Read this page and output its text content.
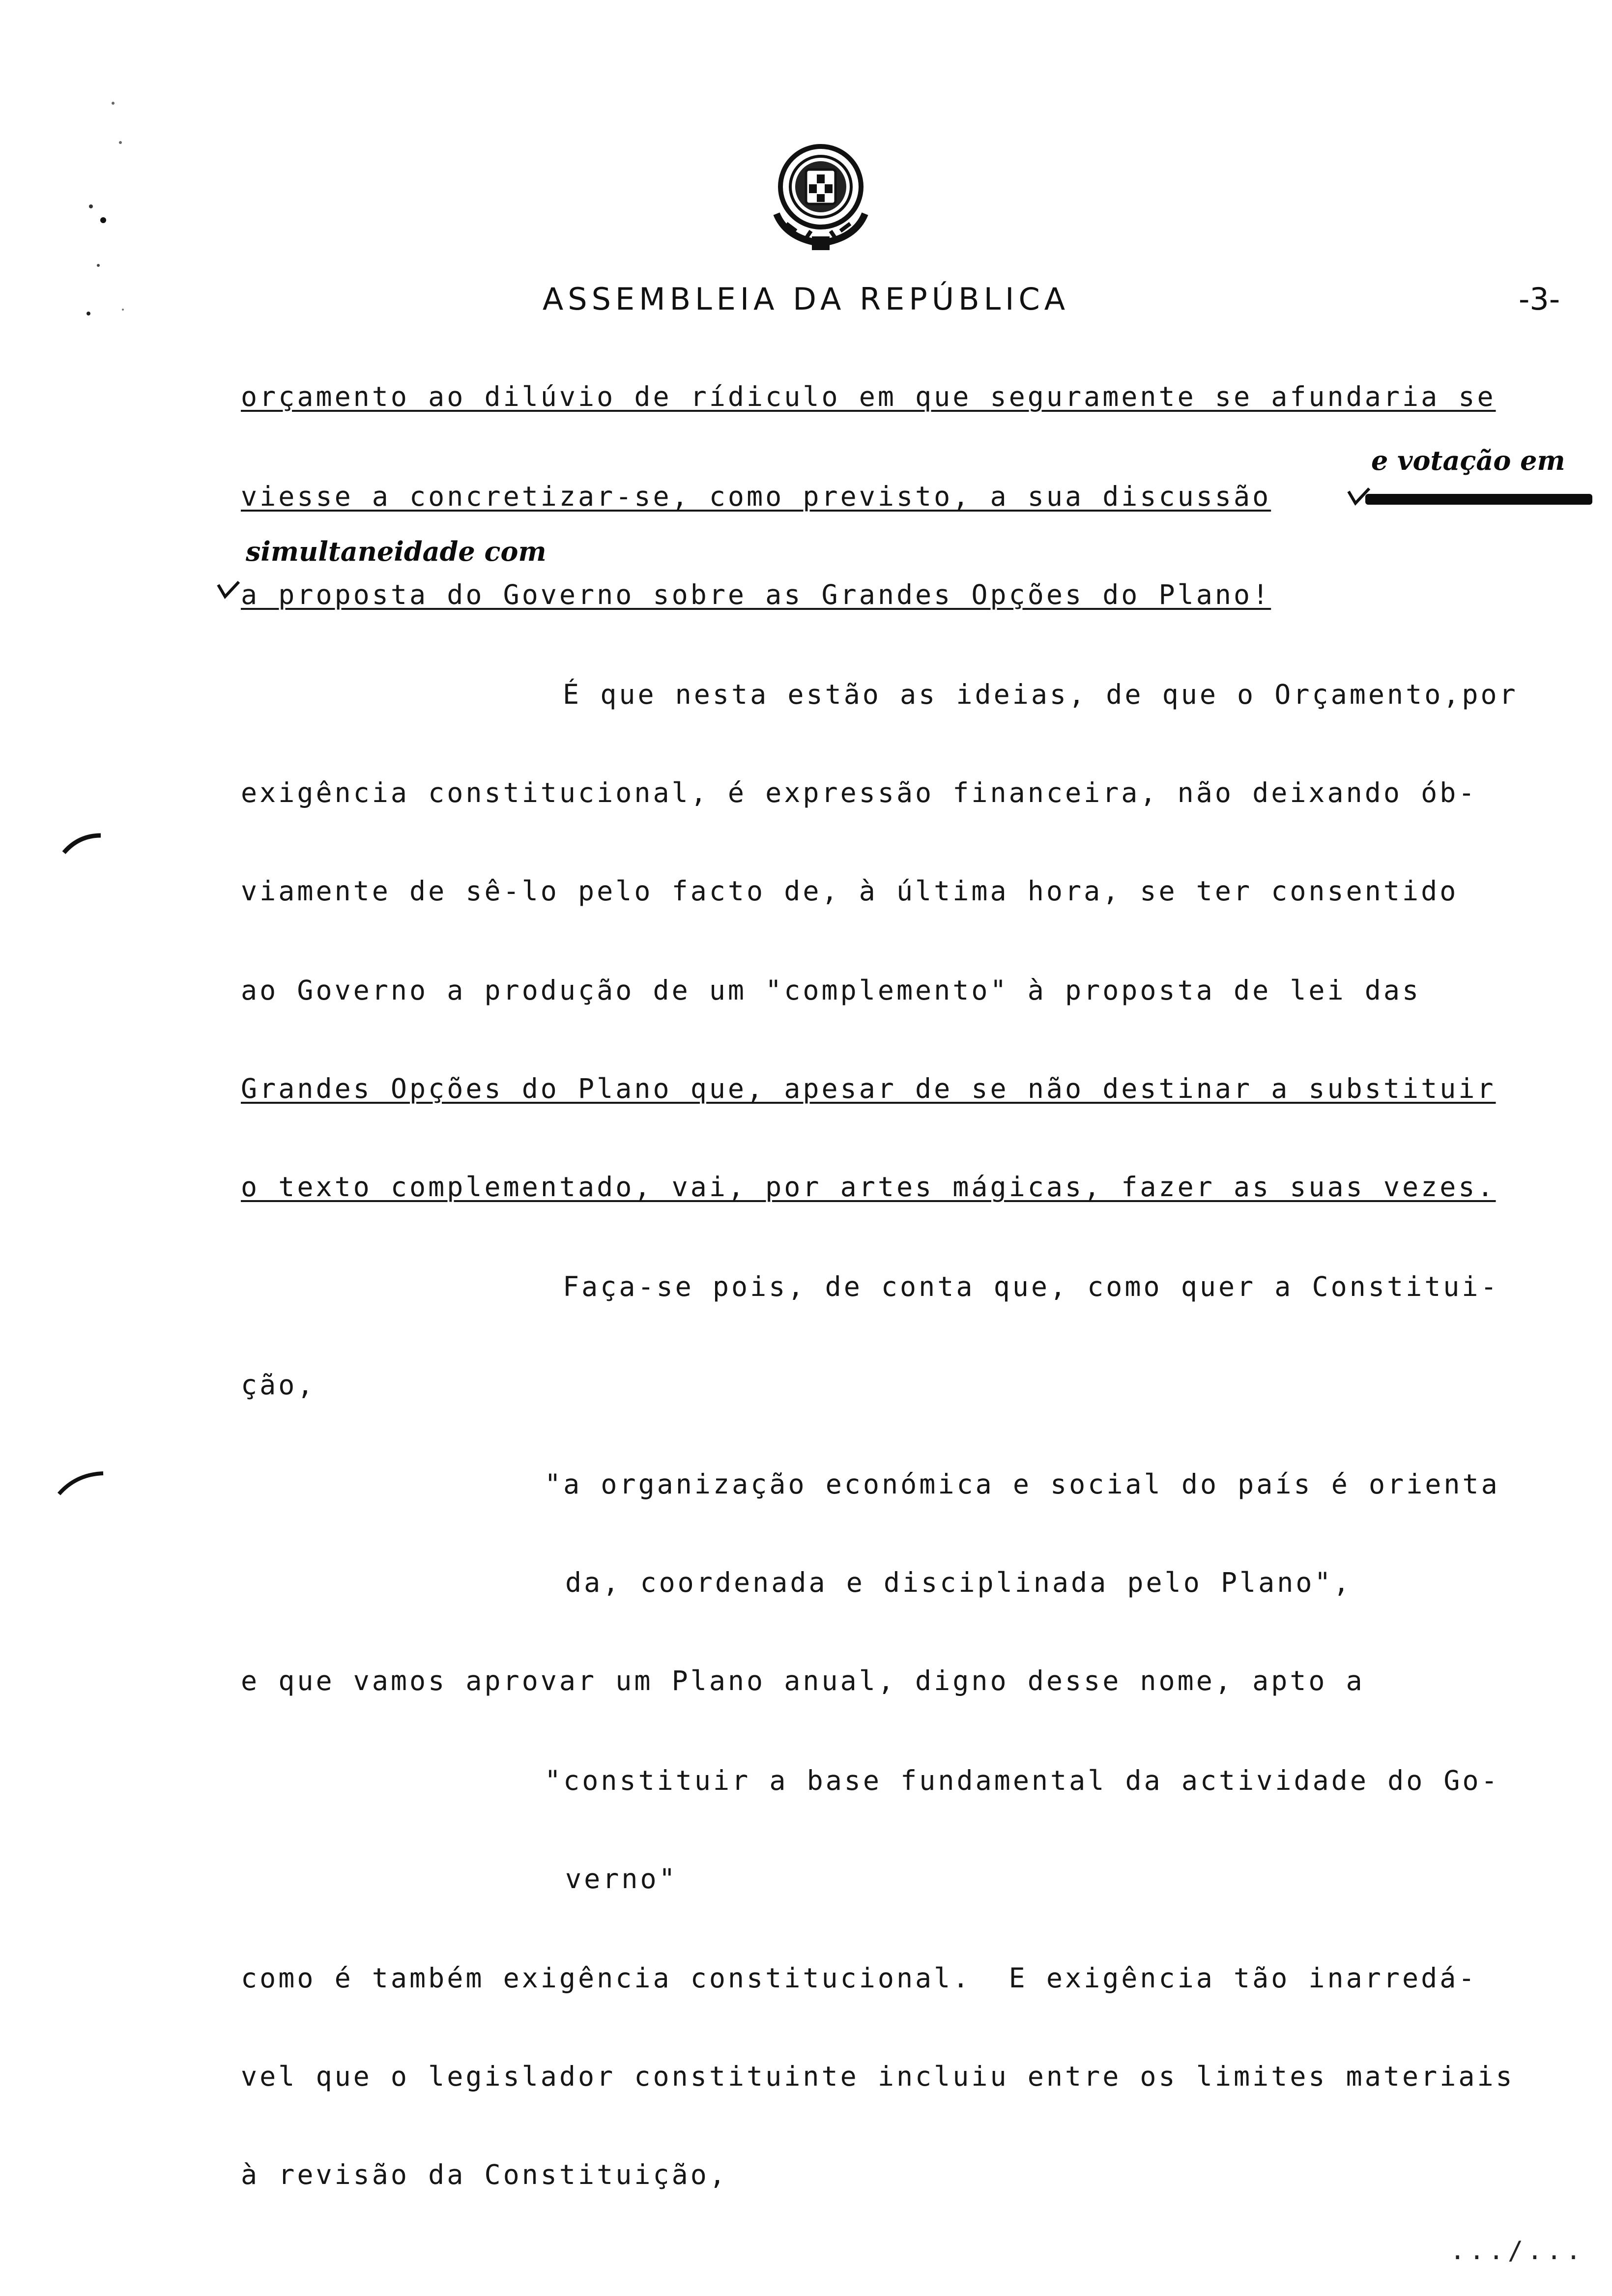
ASSEMBLEIA DA REPÚBLICA	-3-
orçamento ao dilúvio de rídiculo em que seguramente se afundaria se
e votação em
viesse a concretizar-se, como previsto, a sua discussão
simultaneidade com
a proposta do Governo sobre as Grandes Opções do Plano!
É que nesta estão as ideias, de que o Orçamento,por
exigência constitucional, é expressão financeira, não deixando ób-
viamente de sê-lo pelo facto de, à última hora, se ter consentido
ao Governo a produção de um "complemento" à proposta de lei das
Grandes Opções do Plano que, apesar de se não destinar a substituir
o texto complementado, vai, por artes mágicas, fazer as suas vezes.
Faça-se pois, de conta que, como quer a Constitui-
ção,
"a organização económica e social do país é orienta
da, coordenada e disciplinada pelo Plano",
e que vamos aprovar um Plano anual, digno desse nome, apto a
"constituir a base fundamental da actividade do Go-
verno"
como é também exigência constitucional.  E exigência tão inarredá-
vel que o legislador constituinte incluiu entre os limites materiais
à revisão da Constituição,
.../...
